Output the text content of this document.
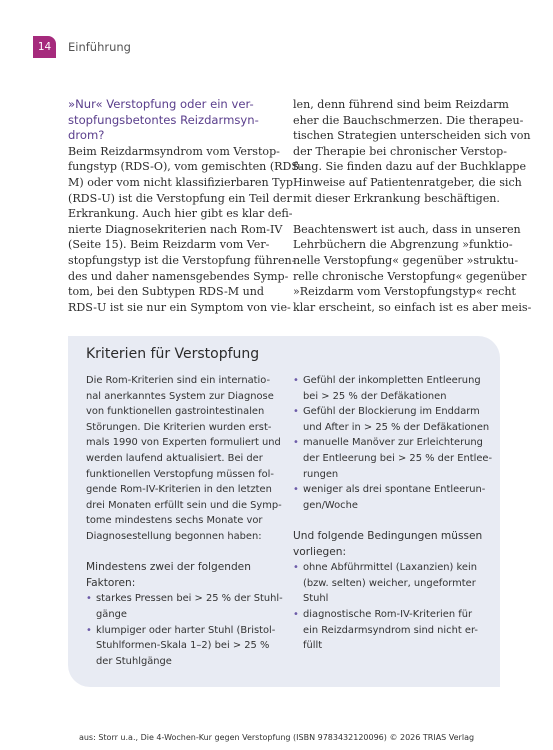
14	Einführung
»Nur« Verstopfung oder ein ver-
stopfungsbetontes Reizdarmsyn-
drom?
Beim Reizdarmsyndrom vom Verstop-
fungstyp (RDS-O), vom gemischten (RDS-
M) oder vom nicht klassifizierbaren Typ
(RDS-U) ist die Verstopfung ein Teil der
Erkrankung. Auch hier gibt es klar defi-
nierte Diagnosekriterien nach Rom-IV
(Seite 15). Beim Reizdarm vom Ver-
stopfungstyp ist die Verstopfung führen-
des und daher namensgebendes Symp-
tom, bei den Subtypen RDS-M und
RDS-U ist sie nur ein Symptom von vie-
len, denn führend sind beim Reizdarm
eher die Bauchschmerzen. Die therapeu-
tischen Strategien unterscheiden sich von
der Therapie bei chronischer Verstop-
fung. Sie finden dazu auf der Buchklappe
Hinweise auf Patientenratgeber, die sich
mit dieser Erkrankung beschäftigen.
Beachtenswert ist auch, dass in unseren
Lehrbüchern die Abgrenzung »funktio-
nelle Verstopfung« gegenüber »struktu-
relle chronische Verstopfung« gegenüber
»Reizdarm vom Verstopfungstyp« recht
klar erscheint, so einfach ist es aber meis-
Kriterien für Verstopfung
Die Rom-Kriterien sind ein internatio-
nal anerkanntes System zur Diagnose
von funktionellen gastrointestinalen
Störungen. Die Kriterien wurden erst-
mals 1990 von Experten formuliert und
werden laufend aktualisiert. Bei der
funktionellen Verstopfung müssen fol-
gende Rom-IV-Kriterien in den letzten
drei Monaten erfüllt sein und die Symp-
tome mindestens sechs Monate vor
Diagnosestellung begonnen haben:
Mindestens zwei der folgenden
Faktoren:
• starkes Pressen bei > 25 % der Stuhl-
gänge
• klumpiger oder harter Stuhl (Bristol-
Stuhlformen-Skala 1–2) bei > 25 %
der Stuhlgänge
• Gefühl der inkompletten Entleerung
bei > 25 % der Defäkationen
• Gefühl der Blockierung im Enddarm
und After in > 25 % der Defäkationen
• manuelle Manöver zur Erleichterung
der Entleerung bei > 25 % der Entlee-
rungen
• weniger als drei spontane Entleerun-
gen/Woche
Und folgende Bedingungen müssen
vorliegen:
• ohne Abführmittel (Laxanzien) kein
(bzw. selten) weicher, ungeformter
Stuhl
• diagnostische Rom-IV-Kriterien für
ein Reizdarmsyndrom sind nicht er-
füllt
aus: Storr u.a., Die 4-Wochen-Kur gegen Verstopfung (ISBN 9783432120096) © 2026 TRIAS Verlag
